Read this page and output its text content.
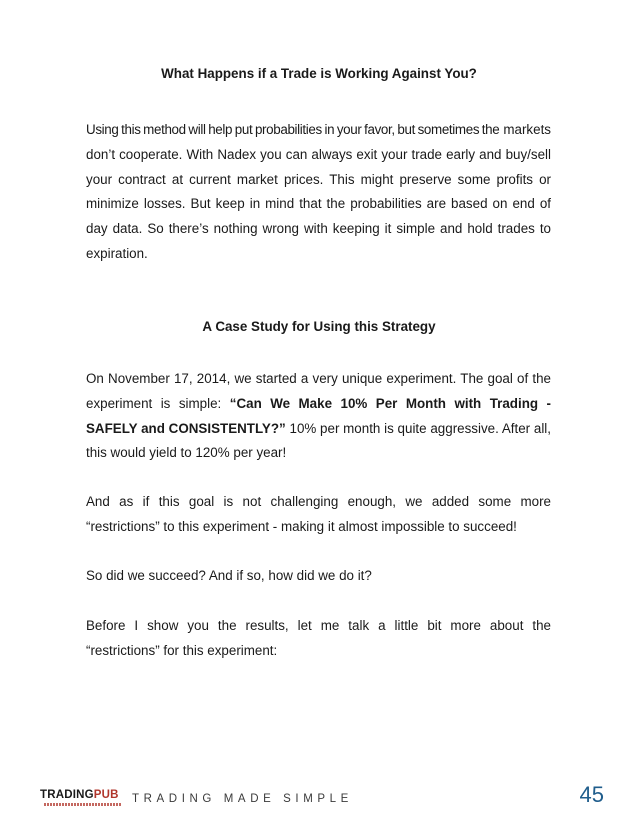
What Happens if a Trade is Working Against You?
Using this method will help put probabilities in your favor, but sometimes the markets don’t cooperate. With Nadex you can always exit your trade early and buy/sell your contract at current market prices. This might preserve some profits or minimize losses. But keep in mind that the probabilities are based on end of day data. So there’s nothing wrong with keeping it simple and hold trades to expiration.
A Case Study for Using this Strategy
On November 17, 2014, we started a very unique experiment. The goal of the experiment is simple: “Can We Make 10% Per Month with Trading - SAFELY and CONSISTENTLY?” 10% per month is quite aggressive. After all, this would yield to 120% per year!
And as if this goal is not challenging enough, we added some more “restrictions” to this experiment - making it almost impossible to succeed!
So did we succeed? And if so, how did we do it?
Before I show you the results, let me talk a little bit more about the “restrictions” for this experiment:
TRADINGPUB TRADING MADE SIMPLE	45
